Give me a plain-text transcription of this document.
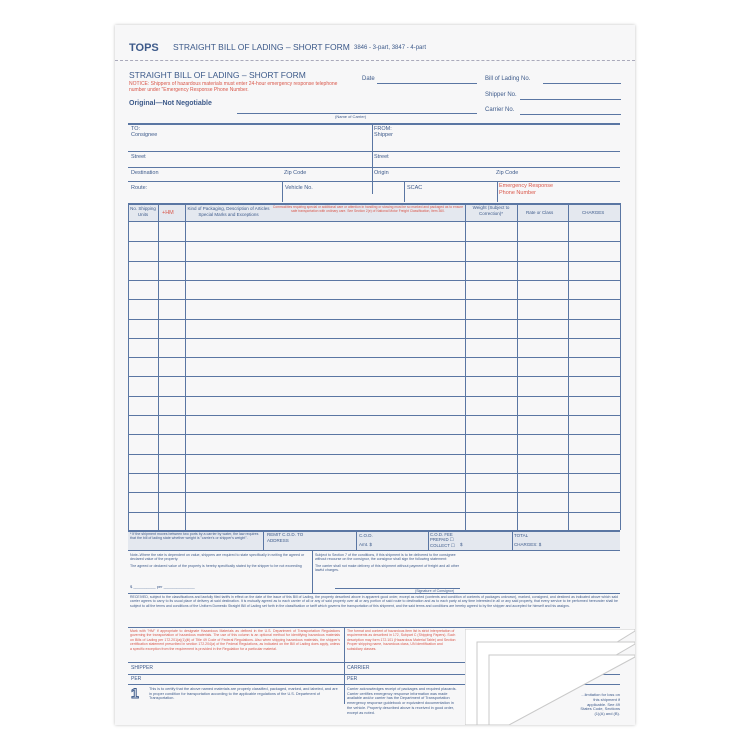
TOPS STRAIGHT BILL OF LADING – SHORT FORM 3846 - 3-part, 3847 - 4-part
STRAIGHT BILL OF LADING – SHORT FORM
NOTICE: Shippers of hazardous materials must enter 24-hour emergency response telephone number under "Emergency Response Phone Number.
Original—Not Negotiable
Date	Bill of Lading No.
Shipper No.
Carrier No.
(Name of Carrier)
TO:
Consignee
FROM:
Shipper
Street	Street
Destination	Zip Code	Origin	Zip Code
Route:	Vehicle No.	SCAC	Emergency Response Phone Number
No. Shipping Units	+HM
Kind of Packaging, Description of Articles Special Marks and Exceptions
Commodities requiring special or additional care or attention in handling or stowing must be so marked and packaged as to ensure safe transportation with ordinary care. See Section 2(e) of National Motor Freight Classification, Item 360.
Weight (Subject to Correction)*	Rate or Class	CHARGES
* If the shipment moves between two ports by a carrier by water, the law requires that the bill of lading state whether weight is "carrier's or shipper's weight".
REMIT C.O.D. TO ADDRESS
C.O.D.
Amt. $
C.O.D. FEE PREPAID ☐ COLLECT ☐	$
TOTAL
CHARGES: $
Note–Where the rate is dependent on value, shippers are required to state specifically in writing the agreed or declared value of the property.
The agreed or declared value of the property is hereby specifically stated by the shipper to be not exceeding
$ __________ per ______________
Subject to Section 7 of the conditions, if this shipment is to be delivered to the consignee without recourse on the consignor, the consignor shall sign the following statement:
The carrier shall not make delivery of this shipment without payment of freight and all other lawful charges.
(Signature of Consignor)
RECEIVED, subject to the classifications and lawfully filed tariffs in effect on the date of the issue of this Bill of Lading, the property described above in apparent good order, except as noted (contents and condition of contents of packages unknown), marked, consigned, and destined as indicated above which said carrier agrees to carry to its usual place of delivery at said destination. It is mutually agreed as to each carrier of all or any of said property over all or any portion of said route to destination and as to each party at any time interested in all or any said property, that every service to be performed hereunder shall be subject to all the terms and conditions of the Uniform Domestic Straight Bill of Lading set forth in the classification or tariff which governs the transportation of this shipment, and the said terms and conditions are hereby agreed to by the shipper and accepted for himself and his assigns.
Mark with "HM" if appropriate to designate Hazardous Materials as defined in the U.S. Department of Transportation Regulations governing the transportation of hazardous materials. The use of this column is an optional method for identifying hazardous materials on Bills of Lading per 172.201(a)(1)(iii) of Title 49 Code of Federal Regulations. Also when shipping hazardous materials, the shipper's certification statement prescribed in section 172.204(a) of the Federal Regulations, as indicated on the Bill of Lading does apply, unless a specific exception from the requirement is provided in the Regulation for a particular material.
The format and content of hazardous item list is strict interpretation of requirements as described in 172, Subpart C (Shipping Papers). Such description may form 172.101 (Hazardous Material Table) and Section Proper shipping name, hazardous class, UN identification and subsidiary classes.
SHIPPER	CARRIER
PER	PER
1	This is to certify that the above named materials are properly classified, packaged, marked, and labeled, and are in proper condition for transportation according to the applicable regulations of the U.S. Department of Transportation.
Carrier acknowledges receipt of packages and required placards. Carrier certifies emergency response information was made available and/or carrier has the Department of Transportation emergency response guidebook or equivalent documentation in the vehicle. Property described above is received in good order, except as noted.
...limitation for loss on this shipment if applicable. See 49 States Code, Sections (1)(A) and (B).
